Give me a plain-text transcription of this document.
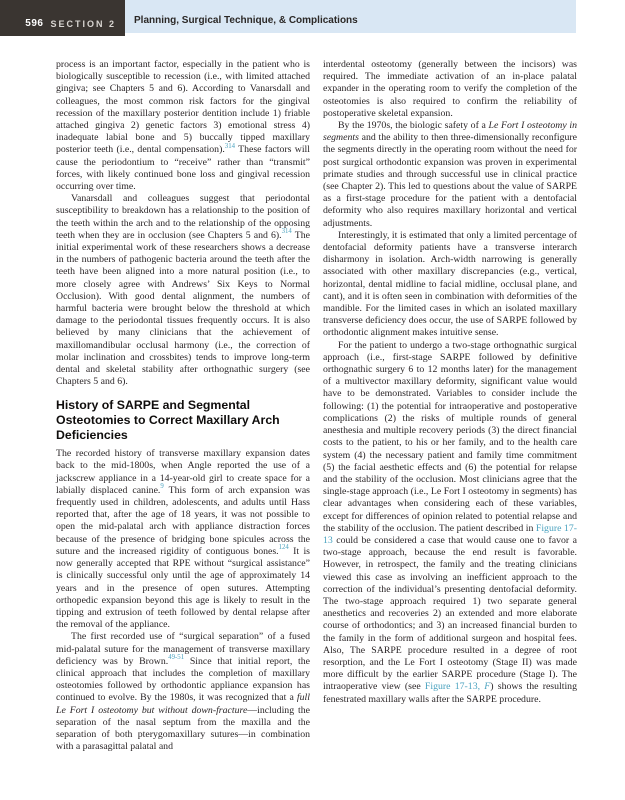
596 SECTION 2 Planning, Surgical Technique, & Complications

process is an important factor, especially in the patient who is biologically susceptible to recession (i.e., with limited attached gingiva; see Chapters 5 and 6). According to Vanarsdall and colleagues, the most common risk factors for the gingival recession of the maxillary posterior dentition include 1) friable attached gingiva 2) genetic factors 3) emotional stress 4) inadequate labial bone and 5) buccally tipped maxillary posterior teeth (i.e., dental compensation).$^{314}$ These factors will cause the periodontium to “receive” rather than “transmit” forces, with likely continued bone loss and gingival recession occurring over time.

Vanarsdall and colleagues suggest that periodontal susceptibility to breakdown has a relationship to the position of the teeth within the arch and to the relationship of the opposing teeth when they are in occlusion (see Chapters 5 and 6).$^{314}$ The initial experimental work of these researchers shows a decrease in the numbers of pathogenic bacteria around the teeth after the teeth have been aligned into a more natural position (i.e., to more closely agree with Andrews’ Six Keys to Normal Occlusion). With good dental alignment, the numbers of harmful bacteria were brought below the threshold at which damage to the periodontal tissues frequently occurs. It is also believed by many clinicians that the achievement of maxillomandibular occlusal harmony (i.e., the correction of molar inclination and crossbites) tends to improve long-term dental and skeletal stability after orthognathic surgery (see Chapters 5 and 6).

History of SARPE and Segmental Osteotomies to Correct Maxillary Arch Deficiencies

The recorded history of transverse maxillary expansion dates back to the mid-1800s, when Angle reported the use of a jackscrew appliance in a 14-year-old girl to create space for a labially displaced canine.$^9$ This form of arch expansion was frequently used in children, adolescents, and adults until Hass reported that, after the age of 18 years, it was not possible to open the mid-palatal arch with appliance distraction forces because of the presence of bridging bone spicules across the suture and the increased rigidity of contiguous bones.$^{124}$ It is now generally accepted that RPE without “surgical assistance” is clinically successful only until the age of approximately 14 years and in the presence of open sutures. Attempting orthopedic expansion beyond this age is likely to result in the tipping and extrusion of teeth followed by dental relapse after the removal of the appliance.

The first recorded use of “surgical separation” of a fused mid-palatal suture for the management of transverse maxillary deficiency was by Brown.$^{49-51}$ Since that initial report, the clinical approach that includes the completion of maxillary osteotomies followed by orthodontic appliance expansion has continued to evolve. By the 1980s, it was recognized that a full Le Fort I osteotomy but without down-fracture—including the separation of the nasal septum from the maxilla and the separation of both pterygomaxillary sutures—in combination with a parasagittal palatal and

interdental osteotomy (generally between the incisors) was required. The immediate activation of an in-place palatal expander in the operating room to verify the completion of the osteotomies is also required to confirm the reliability of postoperative skeletal expansion.

By the 1970s, the biologic safety of a Le Fort I osteotomy in segments and the ability to then three-dimensionally reconfigure the segments directly in the operating room without the need for post surgical orthodontic expansion was proven in experimental primate studies and through successful use in clinical practice (see Chapter 2). This led to questions about the value of SARPE as a first-stage procedure for the patient with a dentofacial deformity who also requires maxillary horizontal and vertical adjustments.

Interestingly, it is estimated that only a limited percentage of dentofacial deformity patients have a transverse interarch disharmony in isolation. Arch-width narrowing is generally associated with other maxillary discrepancies (e.g., vertical, horizontal, dental midline to facial midline, occlusal plane, and cant), and it is often seen in combination with deformities of the mandible. For the limited cases in which an isolated maxillary transverse deficiency does occur, the use of SARPE followed by orthodontic alignment makes intuitive sense.

For the patient to undergo a two-stage orthognathic surgical approach (i.e., first-stage SARPE followed by definitive orthognathic surgery 6 to 12 months later) for the management of a multivector maxillary deformity, significant value would have to be demonstrated. Variables to consider include the following: (1) the potential for intraoperative and postoperative complications (2) the risks of multiple rounds of general anesthesia and multiple recovery periods (3) the direct financial costs to the patient, to his or her family, and to the health care system (4) the necessary patient and family time commitment (5) the facial aesthetic effects and (6) the potential for relapse and the stability of the occlusion. Most clinicians agree that the single-stage approach (i.e., Le Fort I osteotomy in segments) has clear advantages when considering each of these variables, except for differences of opinion related to potential relapse and the stability of the occlusion. The patient described in Figure 17-13 could be considered a case that would cause one to favor a two-stage approach, because the end result is favorable. However, in retrospect, the family and the treating clinicians viewed this case as involving an inefficient approach to the correction of the individual’s presenting dentofacial deformity. The two-stage approach required 1) two separate general anesthetics and recoveries 2) an extended and more elaborate course of orthodontics; and 3) an increased financial burden to the family in the form of additional surgeon and hospital fees. Also, The SARPE procedure resulted in a degree of root resorption, and the Le Fort I osteotomy (Stage II) was made more difficult by the earlier SARPE procedure (Stage I). The intraoperative view (see Figure 17-13, F) shows the resulting fenestrated maxillary walls after the SARPE procedure.
